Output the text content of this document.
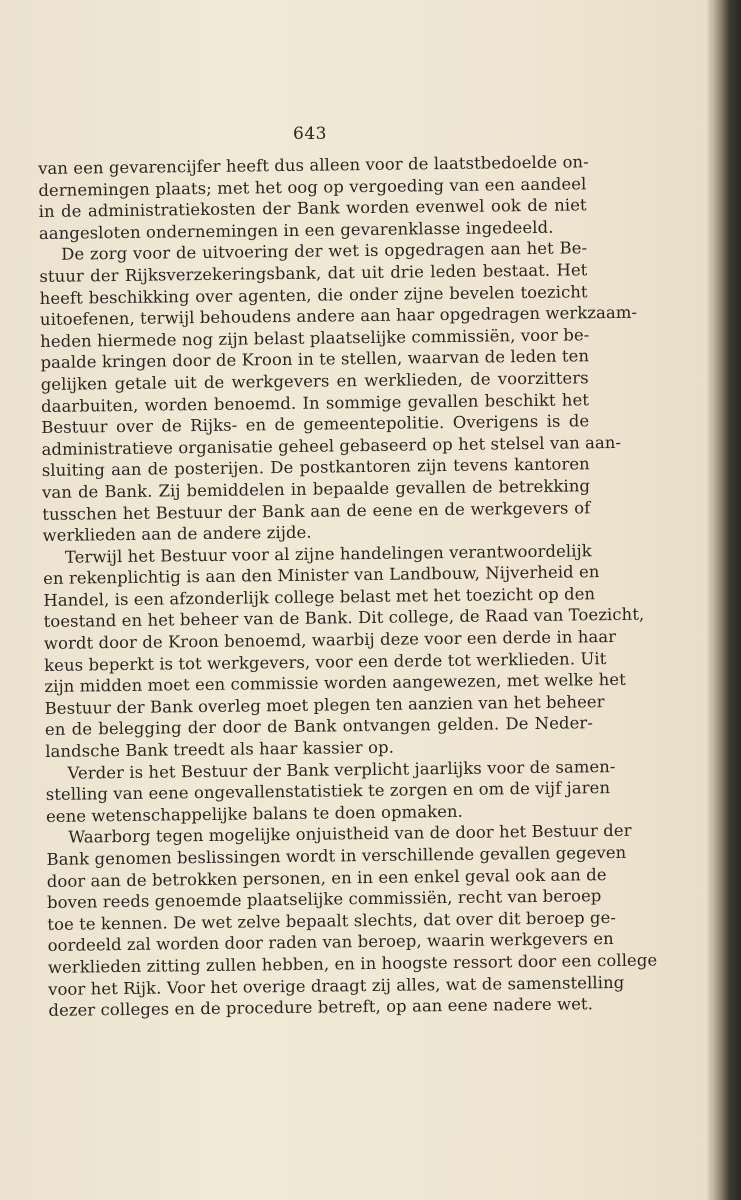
643
van een gevarencijfer heeft dus alleen voor de laatstbedoelde on-
dernemingen plaats; met het oog op vergoeding van een aandeel
in de administratiekosten der Bank worden evenwel ook de niet
aangesloten ondernemingen in een gevarenklasse ingedeeld.
De zorg voor de uitvoering der wet is opgedragen aan het Be-
stuur der Rijksverzekeringsbank, dat uit drie leden bestaat. Het
heeft beschikking over agenten, die onder zijne bevelen toezicht
uitoefenen, terwijl behoudens andere aan haar opgedragen werkzaam-
heden hiermede nog zijn belast plaatselijke commissiën, voor be-
paalde kringen door de Kroon in te stellen, waarvan de leden ten
gelijken getale uit de werkgevers en werklieden, de voorzitters
daarbuiten, worden benoemd. In sommige gevallen beschikt het
Bestuur over de Rijks- en de gemeentepolitie. Overigens is de
administratieve organisatie geheel gebaseerd op het stelsel van aan-
sluiting aan de posterijen. De postkantoren zijn tevens kantoren
van de Bank. Zij bemiddelen in bepaalde gevallen de betrekking
tusschen het Bestuur der Bank aan de eene en de werkgevers of
werklieden aan de andere zijde.
Terwijl het Bestuur voor al zijne handelingen verantwoordelijk
en rekenplichtig is aan den Minister van Landbouw, Nijverheid en
Handel, is een afzonderlijk college belast met het toezicht op den
toestand en het beheer van de Bank. Dit college, de Raad van Toezicht,
wordt door de Kroon benoemd, waarbij deze voor een derde in haar
keus beperkt is tot werkgevers, voor een derde tot werklieden. Uit
zijn midden moet een commissie worden aangewezen, met welke het
Bestuur der Bank overleg moet plegen ten aanzien van het beheer
en de belegging der door de Bank ontvangen gelden. De Neder-
landsche Bank treedt als haar kassier op.
Verder is het Bestuur der Bank verplicht jaarlijks voor de samen-
stelling van eene ongevallenstatistiek te zorgen en om de vijf jaren
eene wetenschappelijke balans te doen opmaken.
Waarborg tegen mogelijke onjuistheid van de door het Bestuur der
Bank genomen beslissingen wordt in verschillende gevallen gegeven
door aan de betrokken personen, en in een enkel geval ook aan de
boven reeds genoemde plaatselijke commissiën, recht van beroep
toe te kennen. De wet zelve bepaalt slechts, dat over dit beroep ge-
oordeeld zal worden door raden van beroep, waarin werkgevers en
werklieden zitting zullen hebben, en in hoogste ressort door een college
voor het Rijk. Voor het overige draagt zij alles, wat de samenstelling
dezer colleges en de procedure betreft, op aan eene nadere wet.
